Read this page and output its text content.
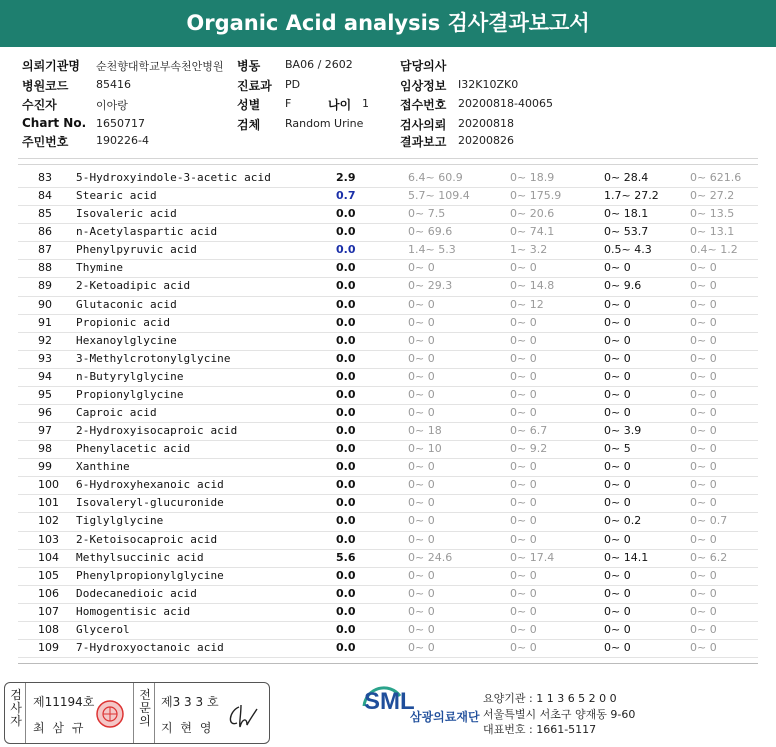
Organic Acid analysis 검사결과보고서
의뢰기관명 순천향대학교부속천안병원
병원코드	85416
수진자	이아랑
Chart No. 1650717
주민번호	190226-4
병동 BA06 / 2602
진료과 PD
성별 F
검체 Random Urine
나이 1
담당의사
임상정보 I32K10ZK0
접수번호 20200818-40065
검사의뢰 20200818
결과보고 20200826
83 5-Hydroxyindole-3-acetic acid	2.9	6.4~ 60.9	0~ 18.9	0~ 28.4	0~ 621.6
84 Stearic acid	0.7	5.7~ 109.4	0~ 175.9	1.7~ 27.2	0~ 27.2
85 Isovaleric acid	0.0	0~ 7.5	0~ 20.6	0~ 18.1	0~ 13.5
86 n-Acetylaspartic acid	0.0	0~ 69.6	0~ 74.1	0~ 53.7	0~ 13.1
87 Phenylpyruvic acid	0.0	1.4~ 5.3	1~ 3.2	0.5~ 4.3	0.4~ 1.2
88 Thymine	0.0	0~ 0	0~ 0	0~ 0	0~ 0
89 2-Ketoadipic acid	0.0	0~ 29.3	0~ 14.8	0~ 9.6	0~ 0
90 Glutaconic acid	0.0	0~ 0	0~ 12	0~ 0	0~ 0
91 Propionic acid	0.0	0~ 0	0~ 0	0~ 0	0~ 0
92 Hexanoylglycine	0.0	0~ 0	0~ 0	0~ 0	0~ 0
93 3-Methylcrotonylglycine	0.0	0~ 0	0~ 0	0~ 0	0~ 0
94 n-Butyrylglycine	0.0	0~ 0	0~ 0	0~ 0	0~ 0
95 Propionylglycine	0.0	0~ 0	0~ 0	0~ 0	0~ 0
96 Caproic acid	0.0	0~ 0	0~ 0	0~ 0	0~ 0
97 2-Hydroxyisocaproic acid	0.0	0~ 18	0~ 6.7	0~ 3.9	0~ 0
98 Phenylacetic acid	0.0	0~ 10	0~ 9.2	0~ 5	0~ 0
99 Xanthine	0.0	0~ 0	0~ 0	0~ 0	0~ 0
100 6-Hydroxyhexanoic acid	0.0	0~ 0	0~ 0	0~ 0	0~ 0
101 Isovaleryl-glucuronide	0.0	0~ 0	0~ 0	0~ 0	0~ 0
102 Tiglylglycine	0.0	0~ 0	0~ 0	0~ 0.2	0~ 0.7
103 2-Ketoisocaproic acid	0.0	0~ 0	0~ 0	0~ 0	0~ 0
104 Methylsuccinic acid	5.6	0~ 24.6	0~ 17.4	0~ 14.1	0~ 6.2
105 Phenylpropionylglycine	0.0	0~ 0	0~ 0	0~ 0	0~ 0
106 Dodecanedioic acid	0.0	0~ 0	0~ 0	0~ 0	0~ 0
107 Homogentisic acid	0.0	0~ 0	0~ 0	0~ 0	0~ 0
108 Glycerol	0.0	0~ 0	0~ 0	0~ 0	0~ 0
109 7-Hydroxyoctanoic acid	0.0	0~ 0	0~ 0	0~ 0	0~ 0
검사자
제11194호
최 삼 규
전문의
제3 3 3 호
지 현 영
SML
삼광의료재단
요양기관 : 1 1 3 6 5 2 0 0
서울특별시 서초구 양재동 9-60
대표번호 : 1661-5117
